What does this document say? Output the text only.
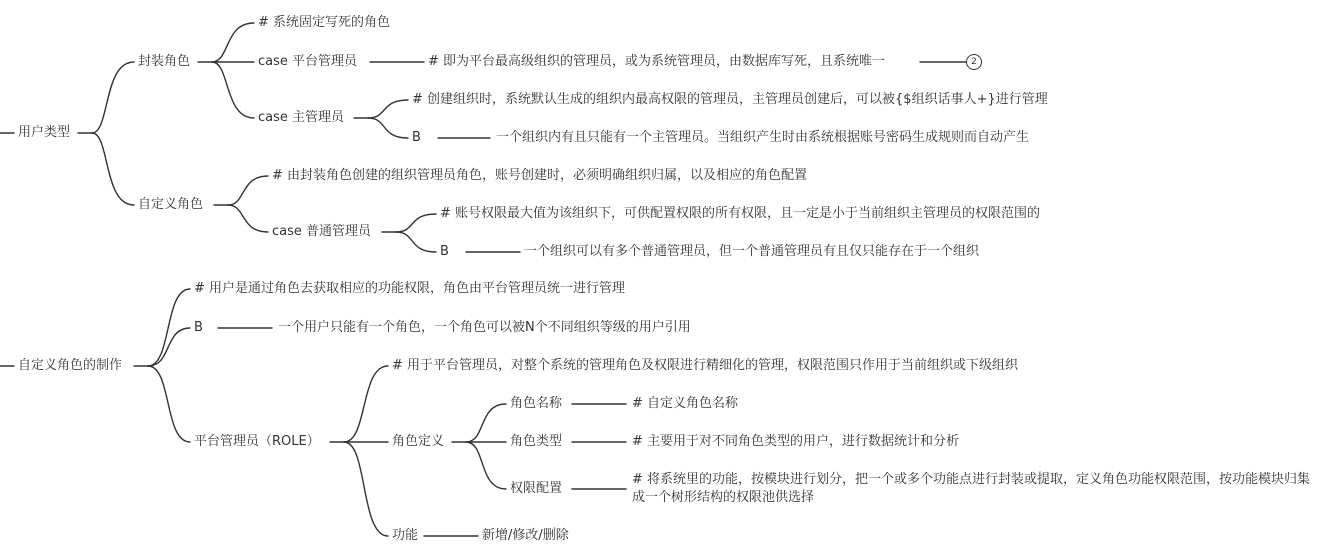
用户类型
封装角色
# 系统固定写死的角色
case 平台管理员	# 即为平台最高级组织的管理员，或为系统管理员，由数据库写死，且系统唯一	2
case 主管理员
# 创建组织时，系统默认生成的组织内最高权限的管理员，主管理员创建后，可以被{$组织话事人+}进行管理
B	一个组织内有且只能有一个主管理员。当组织产生时由系统根据账号密码生成规则而自动产生
自定义角色
# 由封装角色创建的组织管理员角色，账号创建时，必须明确组织归属，以及相应的角色配置
case 普通管理员
# 账号权限最大值为该组织下，可供配置权限的所有权限，且一定是小于当前组织主管理员的权限范围的
B	一个组织可以有多个普通管理员，但一个普通管理员有且仅只能存在于一个组织
自定义角色的制作
# 用户是通过角色去获取相应的功能权限，角色由平台管理员统一进行管理
B	一个用户只能有一个角色，一个角色可以被N个不同组织等级的用户引用
平台管理员（ROLE）
# 用于平台管理员，对整个系统的管理角色及权限进行精细化的管理，权限范围只作用于当前组织或下级组织
角色定义
角色名称	# 自定义角色名称
角色类型	# 主要用于对不同角色类型的用户，进行数据统计和分析
权限配置
# 将系统里的功能，按模块进行划分，把一个或多个功能点进行封装或提取，定义角色功能权限范围，按功能模块归集成一个树形结构的权限池供选择
功能	新增/修改/删除
